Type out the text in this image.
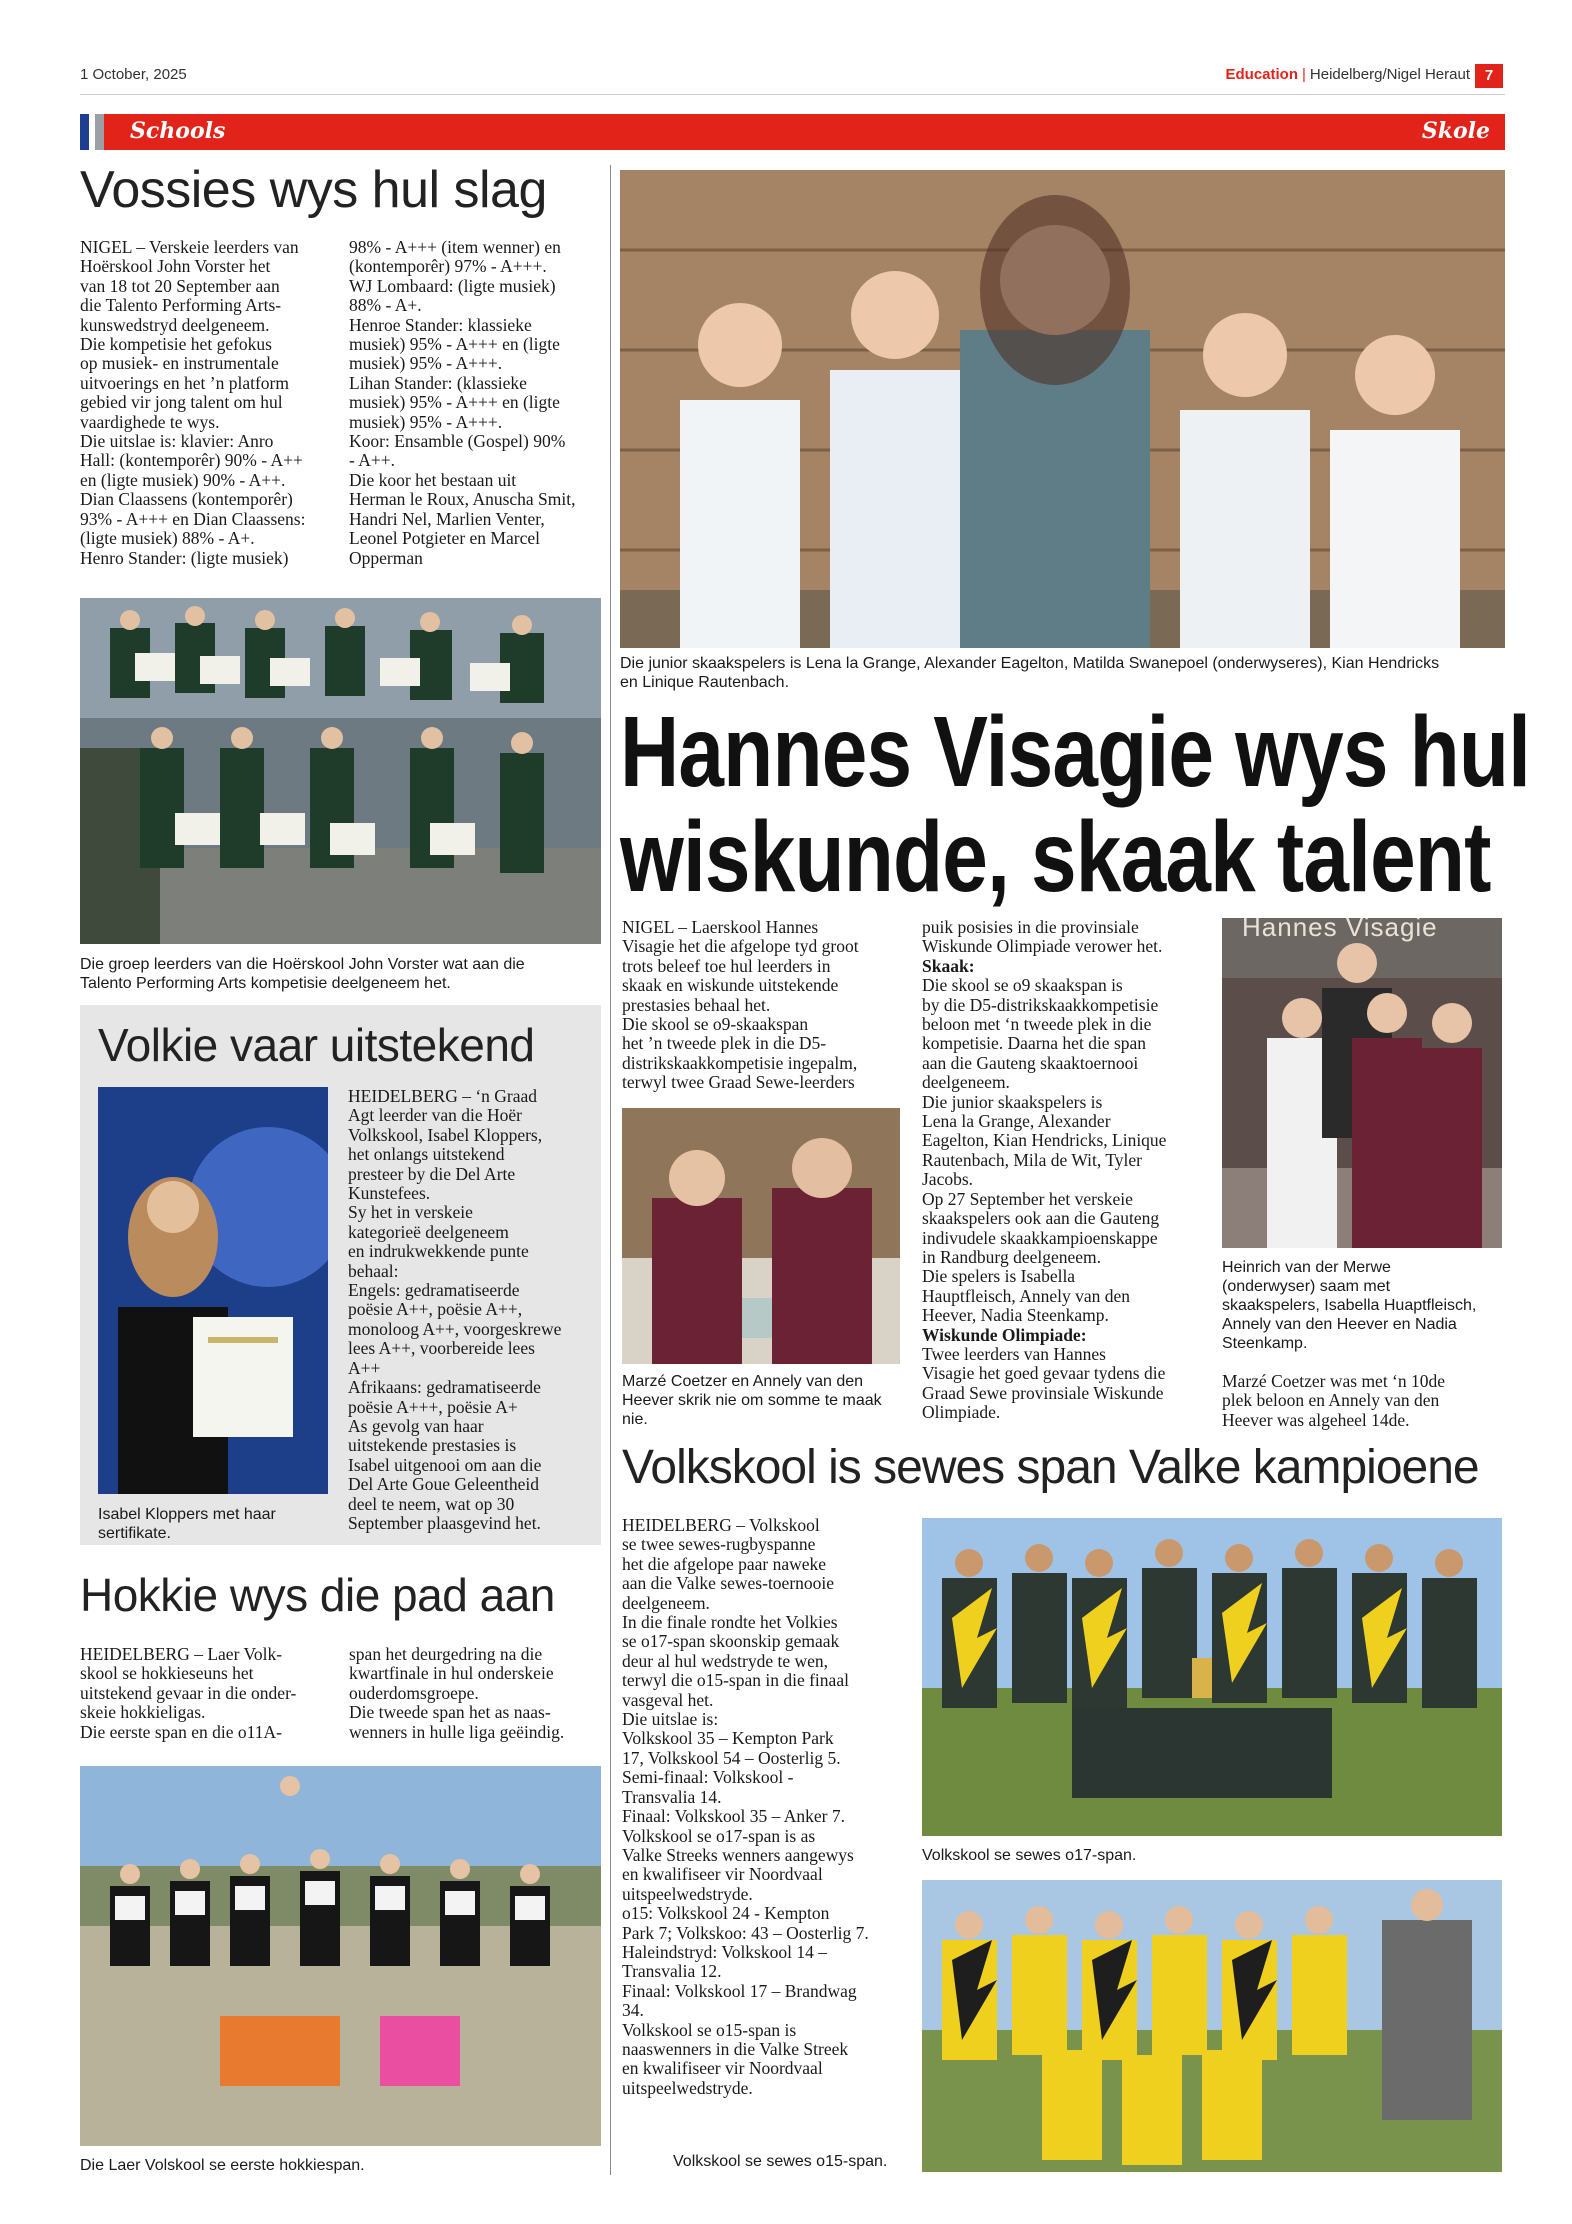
1 October, 2025	Education | Heidelberg/Nigel Heraut 7
Schools	Skole
Vossies wys hul slag
NIGEL – Verskeie leerders van
Hoërskool John Vorster het
van 18 tot 20 September aan
die Talento Performing Arts-
kunswedstryd deelgeneem.
Die kompetisie het gefokus
op musiek- en instrumentale
uitvoerings en het ’n platform
gebied vir jong talent om hul
vaardighede te wys.
Die uitslae is: klavier: Anro
Hall: (kontemporêr) 90% - A++
en (ligte musiek) 90% - A++.
Dian Claassens (kontemporêr)
93% - A+++ en Dian Claassens:
(ligte musiek) 88% - A+.
Henro Stander: (ligte musiek)
98% - A+++ (item wenner) en
(kontemporêr) 97% - A+++.
WJ Lombaard: (ligte musiek)
88% - A+.
Henroe Stander: klassieke
musiek) 95% - A+++ en (ligte
musiek) 95% - A+++.
Lihan Stander: (klassieke
musiek) 95% - A+++ en (ligte
musiek) 95% - A+++.
Koor: Ensamble (Gospel) 90%
- A++.
Die koor het bestaan uit
Herman le Roux, Anuscha Smit,
Handri Nel, Marlien Venter,
Leonel Potgieter en Marcel
Opperman
Die groep leerders van die Hoërskool John Vorster wat aan die
Talento Performing Arts kompetisie deelgeneem het.
Volkie vaar uitstekend
Isabel Kloppers met haar
sertifikate.
HEIDELBERG – ‘n Graad
Agt leerder van die Hoër
Volkskool, Isabel Kloppers,
het onlangs uitstekend
presteer by die Del Arte
Kunstefees.
Sy het in verskeie
kategorieë deelgeneem
en indrukwekkende punte
behaal:
Engels: gedramatiseerde
poësie A++, poësie A++,
monoloog A++, voorgeskrewe
lees A++, voorbereide lees
A++
Afrikaans: gedramatiseerde
poësie A+++, poësie A+
As gevolg van haar
uitstekende prestasies is
Isabel uitgenooi om aan die
Del Arte Goue Geleentheid
deel te neem, wat op 30
September plaasgevind het.
Hokkie wys die pad aan
HEIDELBERG – Laer Volk-
skool se hokkieseuns het
uitstekend gevaar in die onder-
skeie hokkieligas.
Die eerste span en die o11A-
span het deurgedring na die
kwartfinale in hul onderskeie
ouderdomsgroepe.
Die tweede span het as naas-
wenners in hulle liga geëindig.
Die Laer Volskool se eerste hokkiespan.
Die junior skaakspelers is Lena la Grange, Alexander Eagelton, Matilda Swanepoel (onderwyseres), Kian Hendricks
en Linique Rautenbach.
Hannes Visagie wys hul
wiskunde, skaak talent
NIGEL – Laerskool Hannes
Visagie het die afgelope tyd groot
trots beleef toe hul leerders in
skaak en wiskunde uitstekende
prestasies behaal het.
Die skool se o9-skaakspan
het ’n tweede plek in die D5-
distrikskaakkompetisie ingepalm,
terwyl twee Graad Sewe-leerders
Marzé Coetzer en Annely van den
Heever skrik nie om somme te maak
nie.
puik posisies in die provinsiale
Wiskunde Olimpiade verower het.
Skaak:
Die skool se o9 skaakspan is
by die D5-distrikskaakkompetisie
beloon met ‘n tweede plek in die
kompetisie. Daarna het die span
aan die Gauteng skaaktoernooi
deelgeneem.
Die junior skaakspelers is
Lena la Grange, Alexander
Eagelton, Kian Hendricks, Linique
Rautenbach, Mila de Wit, Tyler
Jacobs.
Op 27 September het verskeie
skaakspelers ook aan die Gauteng
indivudele skaakkampioenskappe
in Randburg deelgeneem.
Die spelers is Isabella
Hauptfleisch, Annely van den
Heever, Nadia Steenkamp.
Wiskunde Olimpiade:
Twee leerders van Hannes
Visagie het goed gevaar tydens die
Graad Sewe provinsiale Wiskunde
Olimpiade.
Hannes Visagie
Heinrich van der Merwe
(onderwyser) saam met
skaakspelers, Isabella Huaptfleisch,
Annely van den Heever en Nadia
Steenkamp.
Marzé Coetzer was met ‘n 10de
plek beloon en Annely van den
Heever was algeheel 14de.
Volkskool is sewes span Valke kampioene
HEIDELBERG – Volkskool
se twee sewes-rugbyspanne
het die afgelope paar naweke
aan die Valke sewes-toernooie
deelgeneem.
In die finale rondte het Volkies
se o17-span skoonskip gemaak
deur al hul wedstryde te wen,
terwyl die o15-span in die finaal
vasgeval het.
Die uitslae is:
Volkskool 35 – Kempton Park
17, Volkskool 54 – Oosterlig 5.
Semi-finaal: Volkskool -
Transvalia 14.
Finaal: Volkskool 35 – Anker 7.
Volkskool se o17-span is as
Valke Streeks wenners aangewys
en kwalifiseer vir Noordvaal
uitspeelwedstryde.
o15: Volkskool 24 - Kempton
Park 7; Volkskoo: 43 – Oosterlig 7.
Haleindstryd: Volkskool 14 –
Transvalia 12.
Finaal: Volkskool 17 – Brandwag
34.
Volkskool se o15-span is
naaswenners in die Valke Streek
en kwalifiseer vir Noordvaal
uitspeelwedstryde.
Volkskool se sewes o17-span.
Volkskool se sewes o15-span.
